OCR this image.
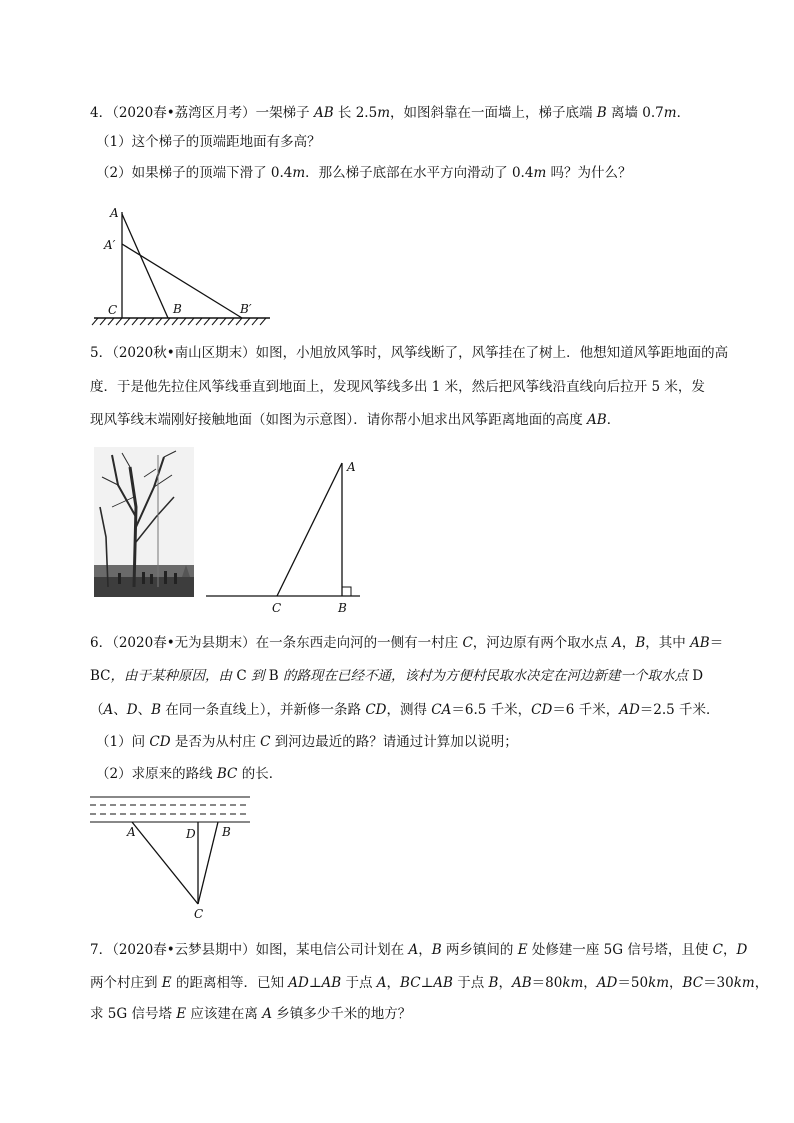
4．（2020春•荔湾区月考）一架梯子 AB 长 2.5m，如图斜靠在一面墙上，梯子底端 B 离墙 0.7m．
（1）这个梯子的顶端距地面有多高？
（2）如果梯子的顶端下滑了 0.4m．那么梯子底部在水平方向滑动了 0.4m 吗？为什么？
A
A′
C	B	B′
5．（2020秋•南山区期末）如图，小旭放风筝时，风筝线断了，风筝挂在了树上．他想知道风筝距地面的高
度．于是他先拉住风筝线垂直到地面上，发现风筝线多出 1 米，然后把风筝线沿直线向后拉开 5 米，发
现风筝线末端刚好接触地面（如图为示意图）．请你帮小旭求出风筝距离地面的高度 AB．
A
C	B
6．（2020春•无为县期末）在一条东西走向河的一侧有一村庄 C，河边原有两个取水点 A，B，其中 AB＝
BC，由于某种原因，由 C 到 B 的路现在已经不通，该村为方便村民取水决定在河边新建一个取水点 D
（A、D、B 在同一条直线上），并新修一条路 CD，测得 CA＝6.5 千米，CD＝6 千米，AD＝2.5 千米．
（1）问 CD 是否为从村庄 C 到河边最近的路？请通过计算加以说明；
（2）求原来的路线 BC 的长．
A	D B
C
7．（2020春•云梦县期中）如图，某电信公司计划在 A，B 两乡镇间的 E 处修建一座 5G 信号塔，且使 C，D
两个村庄到 E 的距离相等．已知 AD⊥AB 于点 A，BC⊥AB 于点 B，AB＝80km，AD＝50km，BC＝30km，
求 5G 信号塔 E 应该建在离 A 乡镇多少千米的地方？
